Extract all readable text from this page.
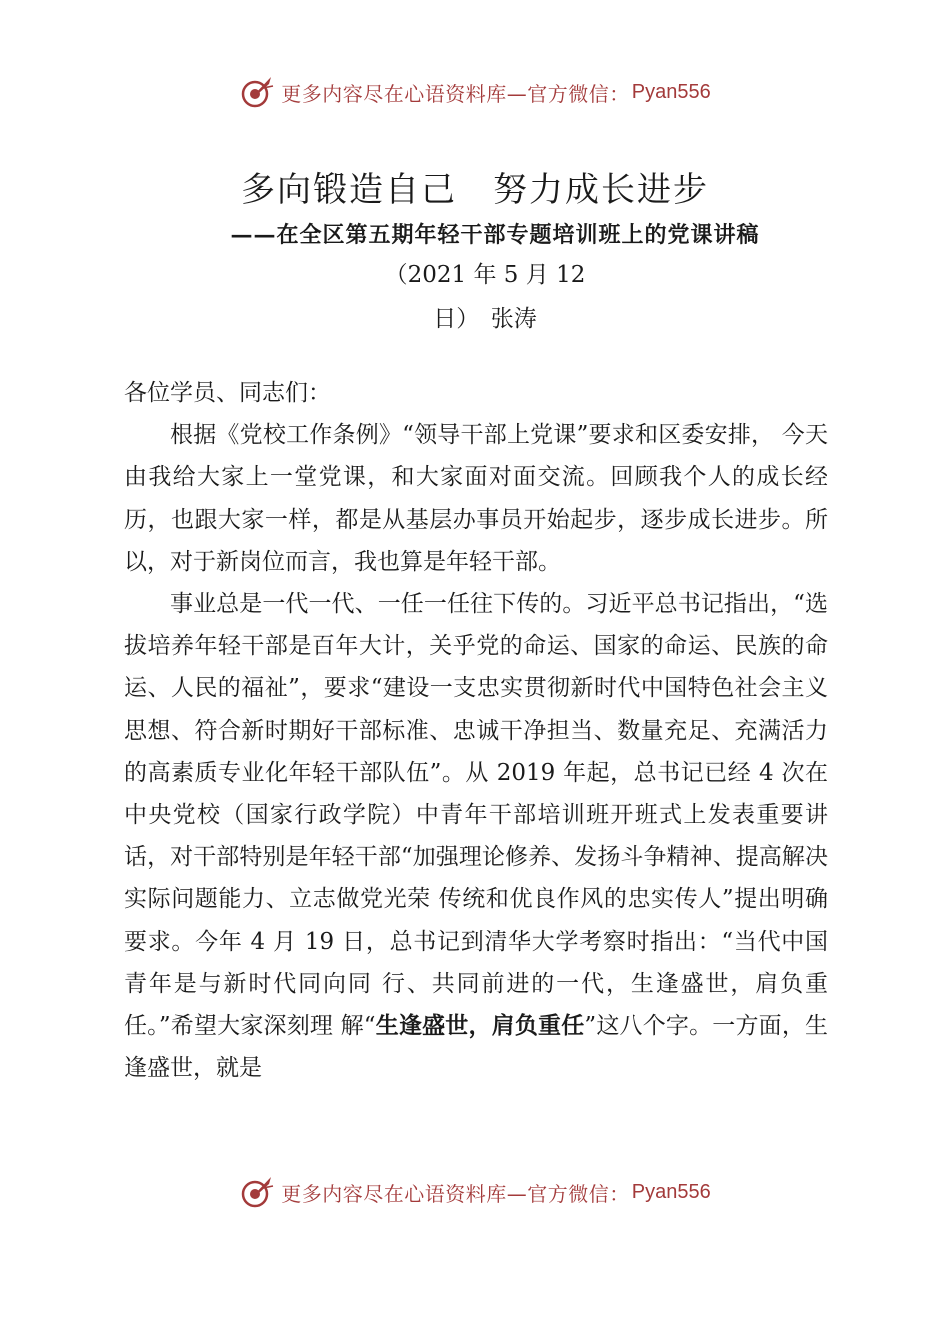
更多内容尽在心语资料库—官方微信： Pyan556
多向锻造自己　努力成长进步
——在全区第五期年轻干部专题培训班上的党课讲稿
（2021 年 5 月 12
日）　张涛

各位学员、同志们：

根据《党校工作条例》“领导干部上党课”要求和区委安排， 今天由我给大家上一堂党课，和大家面对面交流。回顾我个人的成长经历，也跟大家一样，都是从基层办事员开始起步，逐步成长进步。所以，对于新岗位而言，我也算是年轻干部。

事业总是一代一代、一任一任往下传的。习近平总书记指出，“选拔培养年轻干部是百年大计，关乎党的命运、国家的命运、民族的命运、人民的福祉”，要求“建设一支忠实贯彻新时代中国特色社会主义思想、符合新时期好干部标准、忠诚干净担当、数量充足、充满活力的高素质专业化年轻干部队伍”。从 2019 年起，总书记已经 4 次在中央党校（国家行政学院）中青年干部培训班开班式上发表重要讲话，对干部特别是年轻干部“加强理论修养、发扬斗争精神、提高解决实际问题能力、立志做党光荣 传统和优良作风的忠实传人”提出明确要求。今年 4 月 19 日，总书记到清华大学考察时指出：“当代中国青年是与新时代同向同 行、共同前进的一代，生逢盛世，肩负重任。”希望大家深刻理 解“生逢盛世，肩负重任”这八个字。一方面，生逢盛世，就是

更多内容尽在心语资料库—官方微信： Pyan556
